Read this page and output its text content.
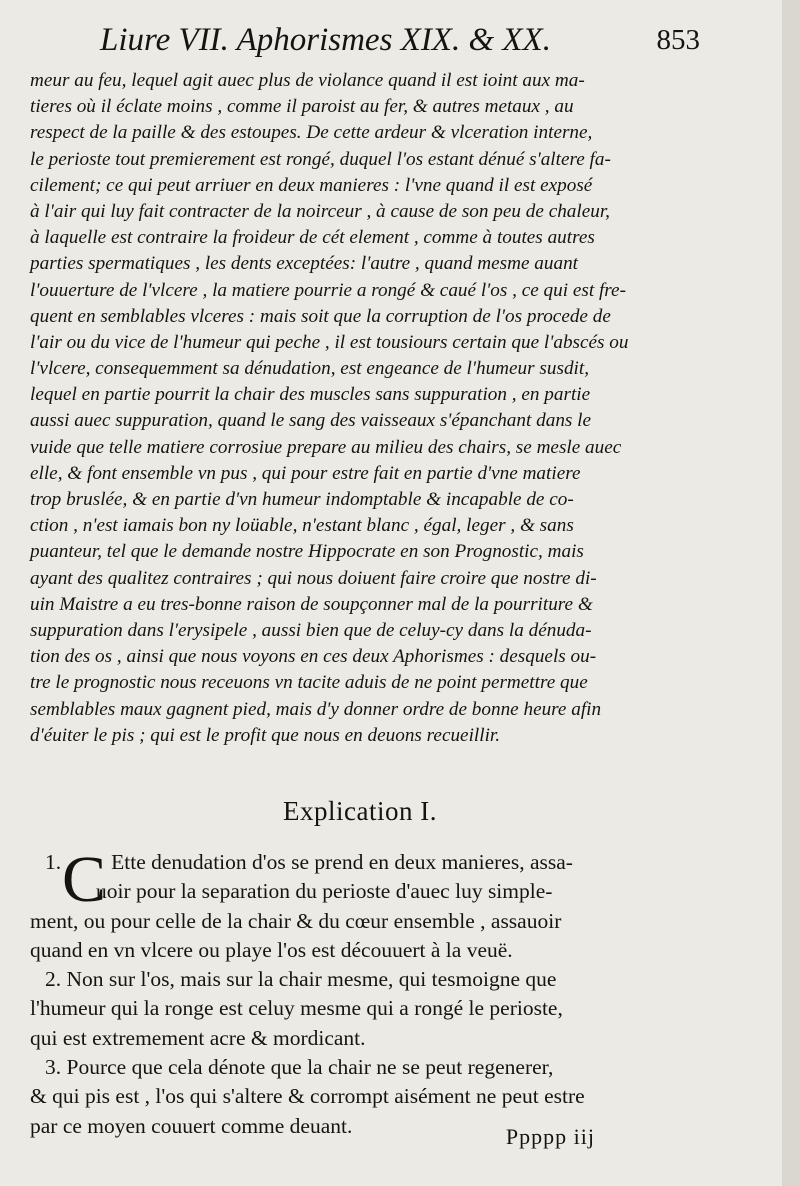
Liure VII. Aphorismes XIX. & XX.	853
meur au feu, lequel agit auec plus de violance quand il est ioint aux ma-
tieres où il éclate moins , comme il paroist au fer, & autres metaux , au
respect de la paille & des estoupes. De cette ardeur & vlceration interne,
le perioste tout premierement est rongé, duquel l'os estant dénué s'altere fa-
cilement; ce qui peut arriuer en deux manieres : l'vne quand il est exposé
à l'air qui luy fait contracter de la noirceur , à cause de son peu de chaleur,
à laquelle est contraire la froideur de cét element , comme à toutes autres
parties spermatiques , les dents exceptées: l'autre , quand mesme auant
l'ouuerture de l'vlcere , la matiere pourrie a rongé & caué l'os , ce qui est fre-
quent en semblables vlceres : mais soit que la corruption de l'os procede de
l'air ou du vice de l'humeur qui peche , il est tousiours certain que l'abscés ou
l'vlcere, consequemment sa dénudation, est engeance de l'humeur susdit,
lequel en partie pourrit la chair des muscles sans suppuration , en partie
aussi auec suppuration, quand le sang des vaisseaux s'épanchant dans le
vuide que telle matiere corrosiue prepare au milieu des chairs, se mesle auec
elle, & font ensemble vn pus , qui pour estre fait en partie d'vne matiere
trop bruslée, & en partie d'vn humeur indomptable & incapable de co-
ction , n'est iamais bon ny loüable, n'estant blanc , égal, leger , & sans
puanteur, tel que le demande nostre Hippocrate en son Prognostic, mais
ayant des qualitez contraires ; qui nous doiuent faire croire que nostre di-
uin Maistre a eu tres-bonne raison de soupçonner mal de la pourriture &
suppuration dans l'erysipele , aussi bien que de celuy-cy dans la dénuda-
tion des os , ainsi que nous voyons en ces deux Aphorismes : desquels ou-
tre le prognostic nous receuons vn tacite aduis de ne point permettre que
semblables maux gagnent pied, mais d'y donner ordre de bonne heure afin
d'éuiter le pis ; qui est le profit que nous en deuons recueillir.
Explication I.
C
1. Ette denudation d'os se prend en deux manieres, assa-
uoir pour la separation du perioste d'auec luy simple-
ment, ou pour celle de la chair & du cœur ensemble , assauoir
quand en vn vlcere ou playe l'os est découuert à la veuë.
2. Non sur l'os, mais sur la chair mesme, qui tesmoigne que
l'humeur qui la ronge est celuy mesme qui a rongé le perioste,
qui est extremement acre & mordicant.
3. Pource que cela dénote que la chair ne se peut regenerer,
& qui pis est , l'os qui s'altere & corrompt aisément ne peut estre
par ce moyen couuert comme deuant.	Ppppp iij
